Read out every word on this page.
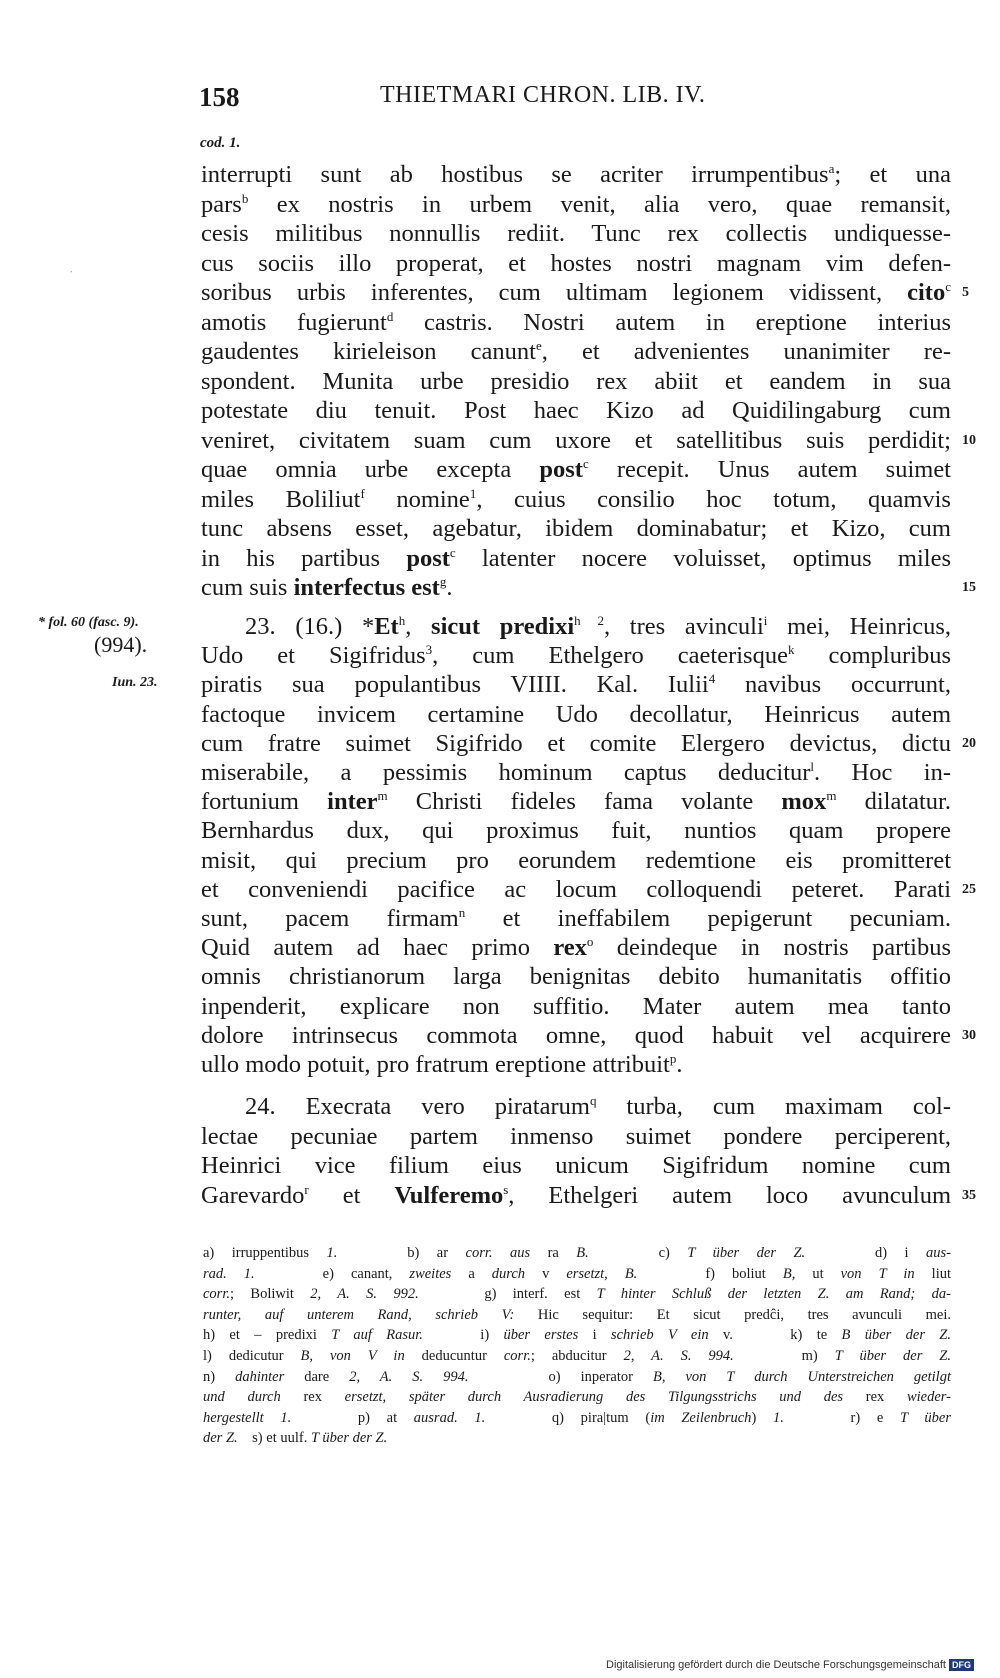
158	THIETMARI CHRON. LIB. IV.
cod. 1.
∙
* fol. 60 (fasc. 9).
(994).
Iun. 23.
interrupti sunt ab hostibus se acriter irrumpentibus$^a$; et una
pars$^b$ ex nostris in urbem venit, alia vero, quae remansit,
cesis militibus nonnullis rediit. Tunc rex collectis undiquesse-
cus sociis illo properat, et hostes nostri magnam vim defen-
soribus urbis inferentes, cum ultimam legionem vidissent, cito$^c$
amotis fugierunt$^d$ castris. Nostri autem in ereptione interius
gaudentes kirieleison canunt$^e$, et advenientes unanimiter re-
spondent. Munita urbe presidio rex abiit et eandem in sua
potestate diu tenuit. Post haec Kizo ad Quidilingaburg cum
veniret, civitatem suam cum uxore et satellitibus suis perdidit;
quae omnia urbe excepta post$^c$ recepit. Unus autem suimet
miles Boliliut$^f$ nomine$^1$, cuius consilio hoc totum, quamvis
tunc absens esset, agebatur, ibidem dominabatur; et Kizo, cum
in his partibus post$^c$ latenter nocere voluisset, optimus miles
cum suis interfectus est$^g$.
23. (16.) *Et$^h$, sicut predixi$^{h 2}$, tres avinculi$^i$ mei, Heinricus,
Udo et Sigifridus$^3$, cum Ethelgero caeterisque$^k$ compluribus
piratis sua populantibus VIIII. Kal. Iulii$^4$ navibus occurrunt,
factoque invicem certamine Udo decollatur, Heinricus autem
cum fratre suimet Sigifrido et comite Elergero devictus, dictu
miserabile, a pessimis hominum captus deducitur$^l$. Hoc in-
fortunium inter$^m$ Christi fideles fama volante mox$^m$ dilatatur.
Bernhardus dux, qui proximus fuit, nuntios quam propere
misit, qui precium pro eorundem redemtione eis promitteret
et conveniendi pacifice ac locum colloquendi peteret. Parati
sunt, pacem firmam$^n$ et ineffabilem pepigerunt pecuniam.
Quid autem ad haec primo rex$^o$ deindeque in nostris partibus
omnis christianorum larga benignitas debito humanitatis offitio
inpenderit, explicare non suffitio. Mater autem mea tanto
dolore intrinsecus commota omne, quod habuit vel acquirere
ullo modo potuit, pro fratrum ereptione attribuit$^p$.
24. Execrata vero piratarum$^q$ turba, cum maximam col-
lectae pecuniae partem inmenso suimet pondere perciperent,
Heinrici vice filium eius unicum Sigifridum nomine cum
Garevardo$^r$ et Vulferemo$^s$, Ethelgeri autem loco avunculum
5
10
15
20
25
30
35
a) irruppentibus 1.    b) ar corr. aus ra B.    c) T über der Z.    d) i aus-
rad. 1.    e) canant, zweites a durch v ersetzt, B.    f) boliut B, ut von T in liut
corr.; Boliwit 2, A. S. 992.    g) interf. est T hinter Schluß der letzten Z. am Rand; da-
runter, auf unterem Rand, schrieb V: Hic sequitur: Et sicut predĉi, tres avunculi mei.
h) et – predixi T auf Rasur.    i) über erstes i schrieb V ein v.    k) te B über der Z.
l) dedicutur B, von V in deducuntur corr.; abducitur 2, A. S. 994.    m) T über der Z.
n) dahinter dare 2, A. S. 994.    o) inperator B, von T durch Unterstreichen getilgt
und durch rex ersetzt, später durch Ausradierung des Tilgungsstrichs und des rex wieder-
hergestellt 1.    p) at ausrad. 1.    q) pira|tum (im Zeilenbruch) 1.    r) e T über
der Z.    s) et uulf. T über der Z.
Digitalisierung gefördert durch die Deutsche Forschungsgemeinschaft DFG
